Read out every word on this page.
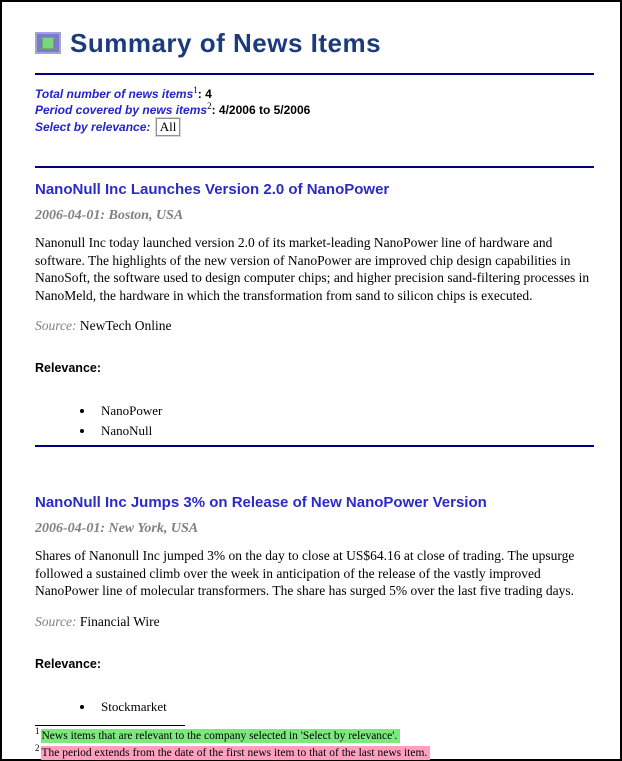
Summary of News Items
Total number of news items$^1$: 4
Period covered by news items$^2$: 4/2006 to 5/2006
Select by relevance: All
NanoNull Inc Launches Version 2.0 of NanoPower

2006-04-01: Boston, USA

Nanonull Inc today launched version 2.0 of its market-leading NanoPower line of hardware and software. The highlights of the new version of NanoPower are improved chip design capabilities in NanoSoft, the software used to design computer chips; and higher precision sand-filtering processes in NanoMeld, the hardware in which the transformation from sand to silicon chips is executed.

Source: NewTech Online

Relevance:

• NanoPower
• NanoNull
NanoNull Inc Jumps 3% on Release of New NanoPower Version

2006-04-01: New York, USA

Shares of Nanonull Inc jumped 3% on the day to close at US$64.16 at close of trading. The upsurge followed a sustained climb over the week in anticipation of the release of the vastly improved NanoPower line of molecular transformers. The share has surged 5% over the last five trading days.

Source: Financial Wire

Relevance:

• Stockmarket
$^1$ News items that are relevant to the company selected in 'Select by relevance'.
$^2$ The period extends from the date of the first news item to that of the last news item.
